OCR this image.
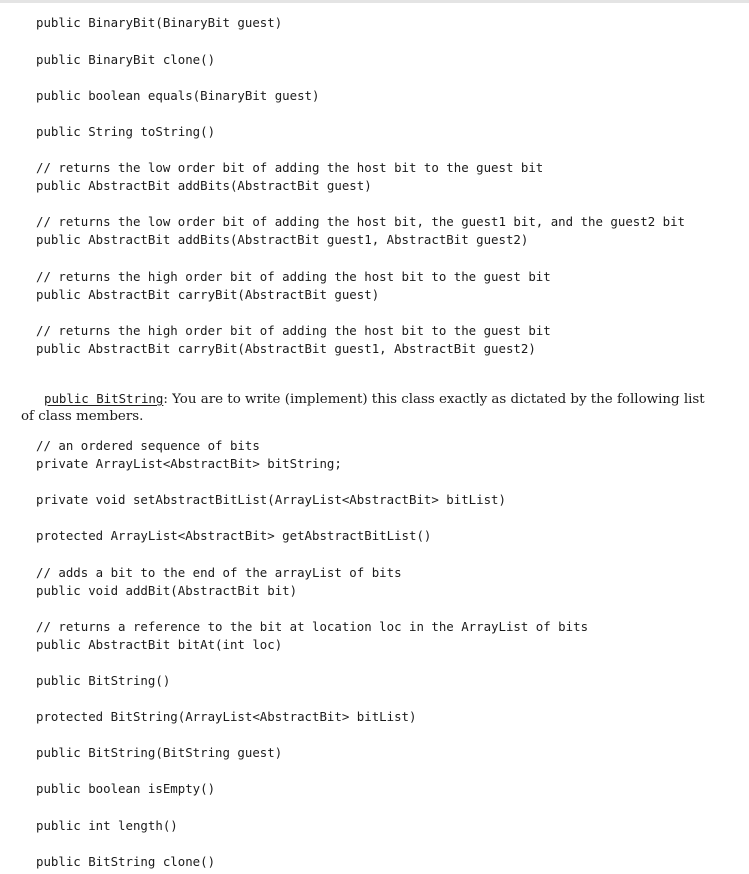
public BinaryBit(BinaryBit guest)
public BinaryBit clone()
public boolean equals(BinaryBit guest)
public String toString()
// returns the low order bit of adding the host bit to the guest bit
public AbstractBit addBits(AbstractBit guest)
// returns the low order bit of adding the host bit, the guest1 bit, and the guest2 bit
public AbstractBit addBits(AbstractBit guest1, AbstractBit guest2)
// returns the high order bit of adding the host bit to the guest bit
public AbstractBit carryBit(AbstractBit guest)
// returns the high order bit of adding the host bit to the guest bit
public AbstractBit carryBit(AbstractBit guest1, AbstractBit guest2)

public BitString: You are to write (implement) this class exactly as dictated by the following list of class members.

// an ordered sequence of bits
private ArrayList<AbstractBit> bitString;
private void setAbstractBitList(ArrayList<AbstractBit> bitList)
protected ArrayList<AbstractBit> getAbstractBitList()
// adds a bit to the end of the arrayList of bits
public void addBit(AbstractBit bit)
// returns a reference to the bit at location loc in the ArrayList of bits
public AbstractBit bitAt(int loc)
public BitString()
protected BitString(ArrayList<AbstractBit> bitList)
public BitString(BitString guest)
public boolean isEmpty()
public int length()
public BitString clone()
